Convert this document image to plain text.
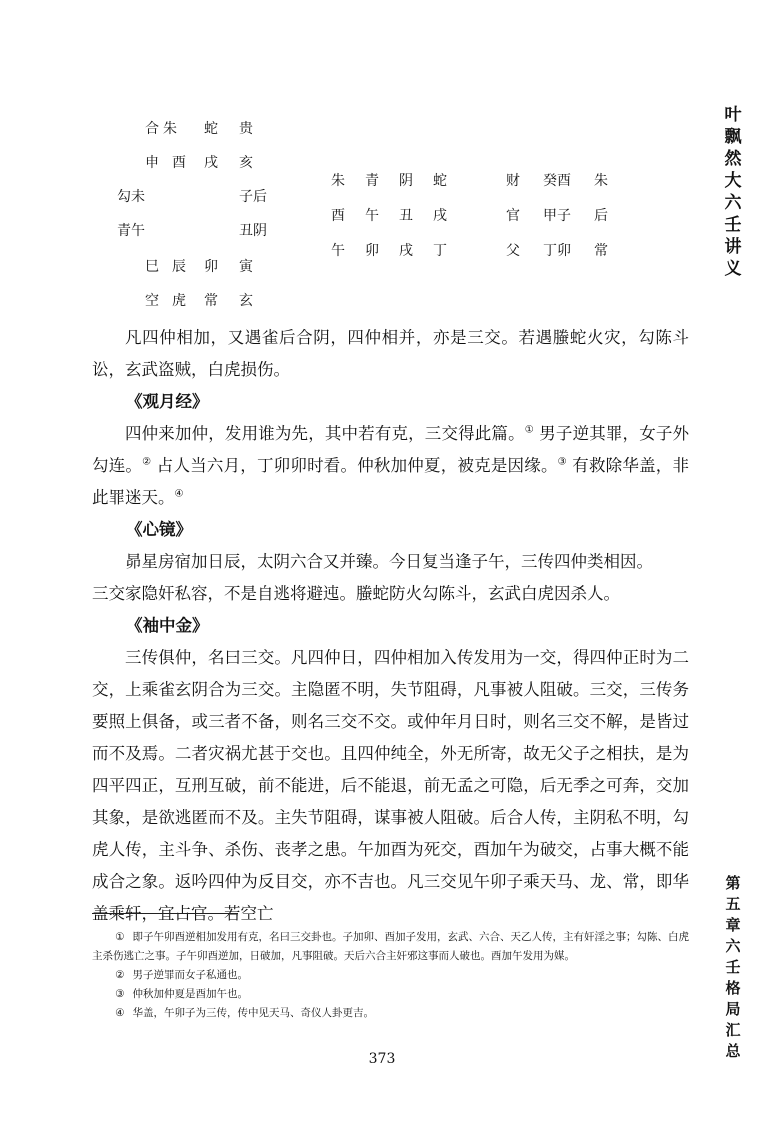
叶飘然大六壬讲义
第五章　六壬格局汇总
合 朱 蛇 贵
申 酉 戌 亥
勾未	子后
青午	丑阴
巳 辰 卯 寅
空 虎 常 玄
朱 青 阴 蛇
酉 午 丑 戌
午 卯 戌 丁
财 癸酉 朱
官 甲子 后
父 丁卯 常

凡四仲相加，又遇雀后合阴，四仲相并，亦是三交。若遇螣蛇火灾，勾陈斗讼，玄武盗贼，白虎损伤。

《观月经》

四仲来加仲，发用谁为先，其中若有克，三交得此篇。① 男子逆其罪，女子外勾连。② 占人当六月，丁卯卯时看。仲秋加仲夏，被克是因缘。③ 有救除华盖，非此罪迷天。④

《心镜》

昴星房宿加日辰，太阴六合又并臻。今日复当逢子午，三传四仲类相因。

三交家隐奸私容，不是自逃将避迍。螣蛇防火勾陈斗，玄武白虎因杀人。

《袖中金》

三传俱仲，名曰三交。凡四仲日，四仲相加入传发用为一交，得四仲正时为二交，上乘雀玄阴合为三交。主隐匿不明，失节阻碍，凡事被人阻破。三交，三传务要照上俱备，或三者不备，则名三交不交。或仲年月日时，则名三交不解，是皆过而不及焉。二者灾祸尤甚于交也。且四仲纯全，外无所寄，故无父子之相扶，是为四平四正，互刑互破，前不能进，后不能退，前无孟之可隐，后无季之可奔，交加其象，是欲逃匿而不及。主失节阻碍，谋事被人阻破。后合人传，主阴私不明，勾虎人传，主斗争、杀伤、丧孝之患。午加酉为死交，酉加午为破交，占事大概不能成合之象。返吟四仲为反目交，亦不吉也。凡三交见午卯子乘天马、龙、常，即华盖乘轩，宜占官。若空亡

① 即子午卯酉逆相加发用有克，名曰三交卦也。子加卯、酉加子发用，玄武、六合、天乙人传，主有奸淫之事；勾陈、白虎主杀伤逃亡之事。子午卯酉逆加，日破加，凡事阻破。天后六合主奸邪这事而人破也。酉加午发用为媒。

② 男子逆罪而女子私通也。

③ 仲秋加仲夏是酉加午也。

④ 华盖，午卯子为三传，传中见天马、奇仪人卦更吉。

373
